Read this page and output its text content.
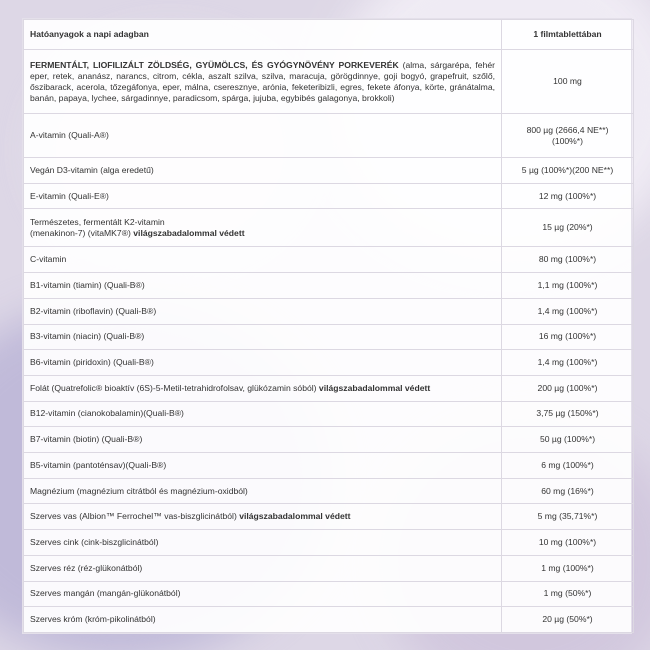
Hatóanyagok a napi adagban	1 filmtablettában
FERMENTÁLT, LIOFILIZÁLT ZÖLDSÉG, GYÜMÖLCS, ÉS GYÓGYNÖVÉNY PORKEVERÉK (alma, sárgarépa, fehér eper, retek, ananász, narancs, citrom, cékla, aszalt szilva, szilva, maracuja, görögdinnye, goji bogyó, grapefruit, szőlő, őszibarack, acerola, tőzegáfonya, eper, málna, cseresznye, arónia, feketeribizli, egres, fekete áfonya, körte, gránátalma, banán, papaya, lychee, sárgadinnye, paradicsom, spárga, jujuba, egybibés galagonya, brokkoli)	100 mg
A-vitamin (Quali-A®)	800 µg (2666,4 NE**)
(100%*)
Vegán D3-vitamin (alga eredetű)	5 µg (100%*)(200 NE**)
E-vitamin (Quali-E®)	12 mg (100%*)
Természetes, fermentált K2-vitamin
(menakinon-7) (vitaMK7®) világszabadalommal védett	15 µg (20%*)
C-vitamin	80 mg (100%*)
B1-vitamin (tiamin) (Quali-B®)	1,1 mg (100%*)
B2-vitamin (riboflavin) (Quali-B®)	1,4 mg (100%*)
B3-vitamin (niacin) (Quali-B®)	16 mg (100%*)
B6-vitamin (piridoxin) (Quali-B®)	1,4 mg (100%*)
Folát (Quatrefolic® bioaktív (6S)-5-Metil-tetrahidrofolsav, glükózamin sóból) világszabadalommal védett	200 µg (100%*)
B12-vitamin (cianokobalamin)(Quali-B®)	3,75 µg (150%*)
B7-vitamin (biotin) (Quali-B®)	50 µg (100%*)
B5-vitamin (pantoténsav)(Quali-B®)	6 mg (100%*)
Magnézium (magnézium citrátból és magnézium-oxidból)	60 mg (16%*)
Szerves vas (Albion™ Ferrochel™ vas-biszglicinátból) világszabadalommal védett	5 mg (35,71%*)
Szerves cink (cink-biszglicinátból)	10 mg (100%*)
Szerves réz (réz-glükonátból)	1 mg (100%*)
Szerves mangán (mangán-glükonátból)	1 mg (50%*)
Szerves króm (króm-pikolinátból)	20 µg (50%*)
